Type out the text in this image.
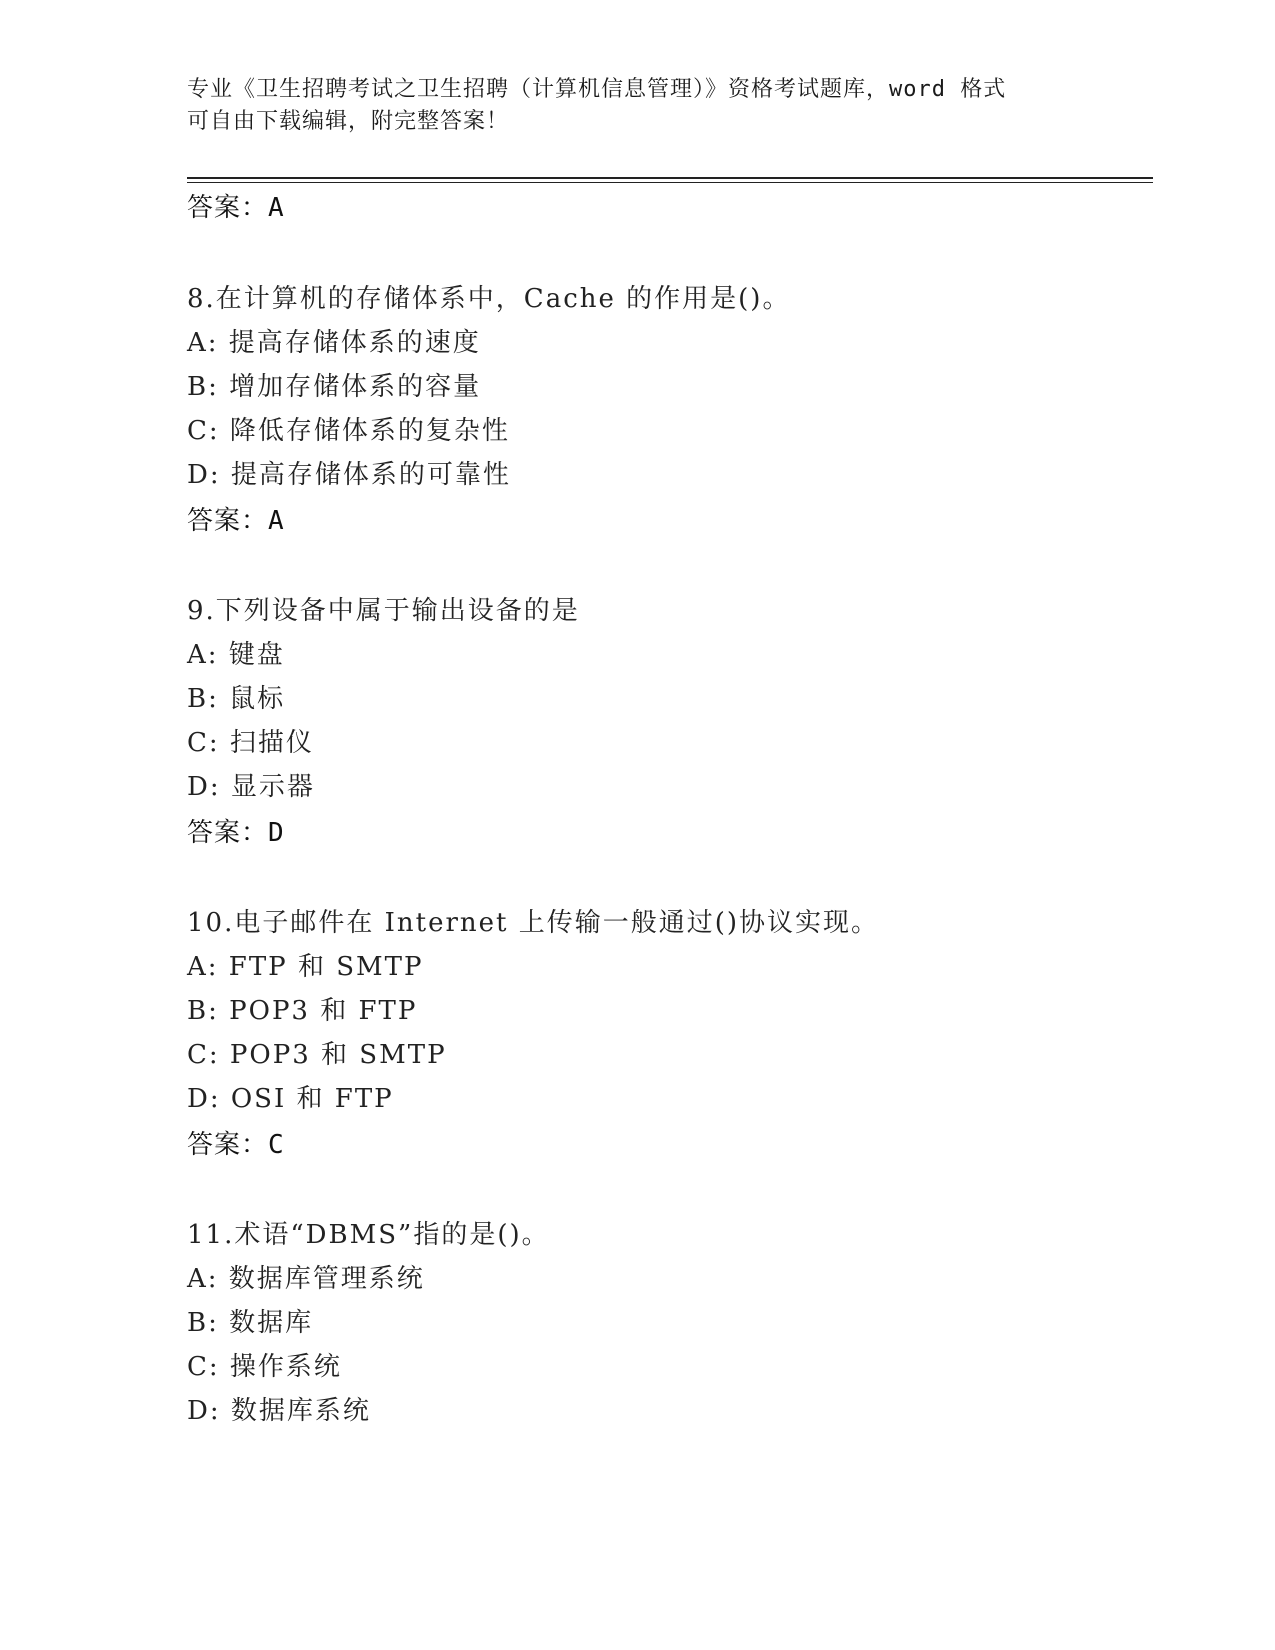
专业《卫生招聘考试之卫生招聘（计算机信息管理）》资格考试题库，word 格式
可自由下载编辑，附完整答案！
答案：A
8.在计算机的存储体系中，Cache 的作用是()。
A: 提高存储体系的速度
B: 增加存储体系的容量
C: 降低存储体系的复杂性
D: 提高存储体系的可靠性
答案：A
9.下列设备中属于输出设备的是
A: 键盘
B: 鼠标
C: 扫描仪
D: 显示器
答案：D
10.电子邮件在 Internet 上传输一般通过()协议实现。
A: FTP 和 SMTP
B: POP3 和 FTP
C: POP3 和 SMTP
D: OSI 和 FTP
答案：C
11.术语“DBMS”指的是()。
A: 数据库管理系统
B: 数据库
C: 操作系统
D: 数据库系统
